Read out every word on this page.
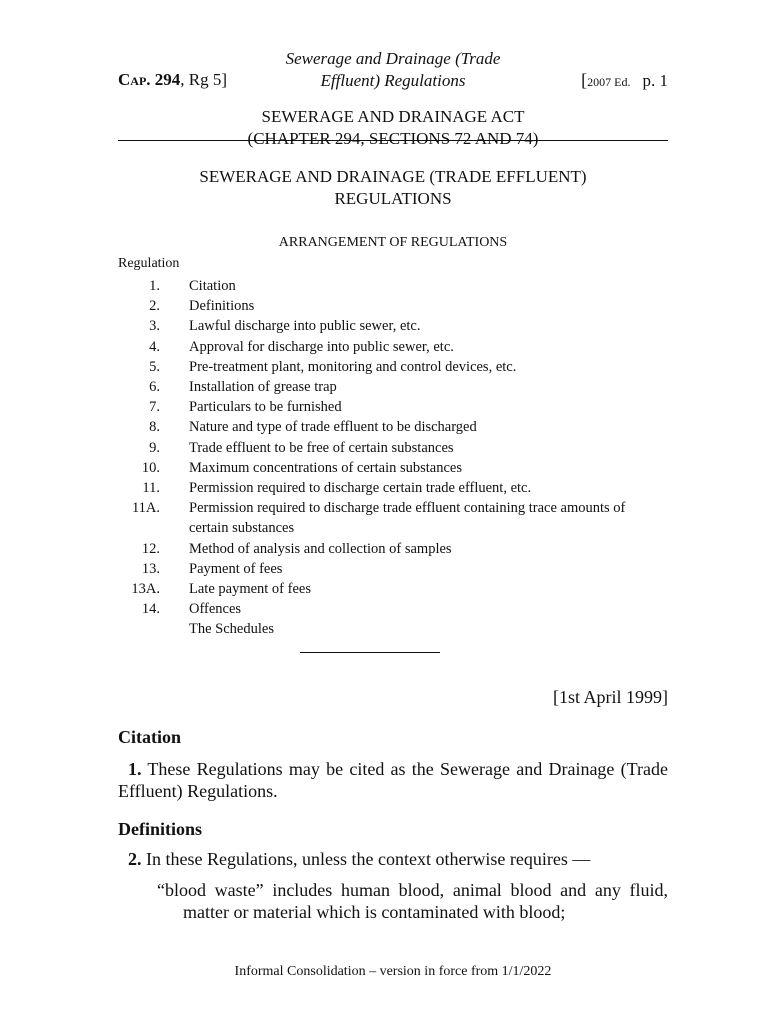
Cap. 294, Rg 5]
Sewerage and Drainage (Trade
Effluent) Regulations	[2007 Ed. p. 1
SEWERAGE AND DRAINAGE ACT
(CHAPTER 294, SECTIONS 72 AND 74)
SEWERAGE AND DRAINAGE (TRADE EFFLUENT)
REGULATIONS
ARRANGEMENT OF REGULATIONS
Regulation
1. Citation
2. Definitions
3. Lawful discharge into public sewer, etc.
4. Approval for discharge into public sewer, etc.
5. Pre-treatment plant, monitoring and control devices, etc.
6. Installation of grease trap
7. Particulars to be furnished
8. Nature and type of trade effluent to be discharged
9. Trade effluent to be free of certain substances
10. Maximum concentrations of certain substances
11. Permission required to discharge certain trade effluent, etc.
11A. Permission required to discharge trade effluent containing trace amounts of certain substances
12. Method of analysis and collection of samples
13. Payment of fees
13A. Late payment of fees
14. Offences
The Schedules
[1st April 1999]
Citation
1. These Regulations may be cited as the Sewerage and Drainage (Trade Effluent) Regulations.
Definitions
2. In these Regulations, unless the context otherwise requires —
“blood waste” includes human blood, animal blood and any fluid, matter or material which is contaminated with blood;
Informal Consolidation – version in force from 1/1/2022
